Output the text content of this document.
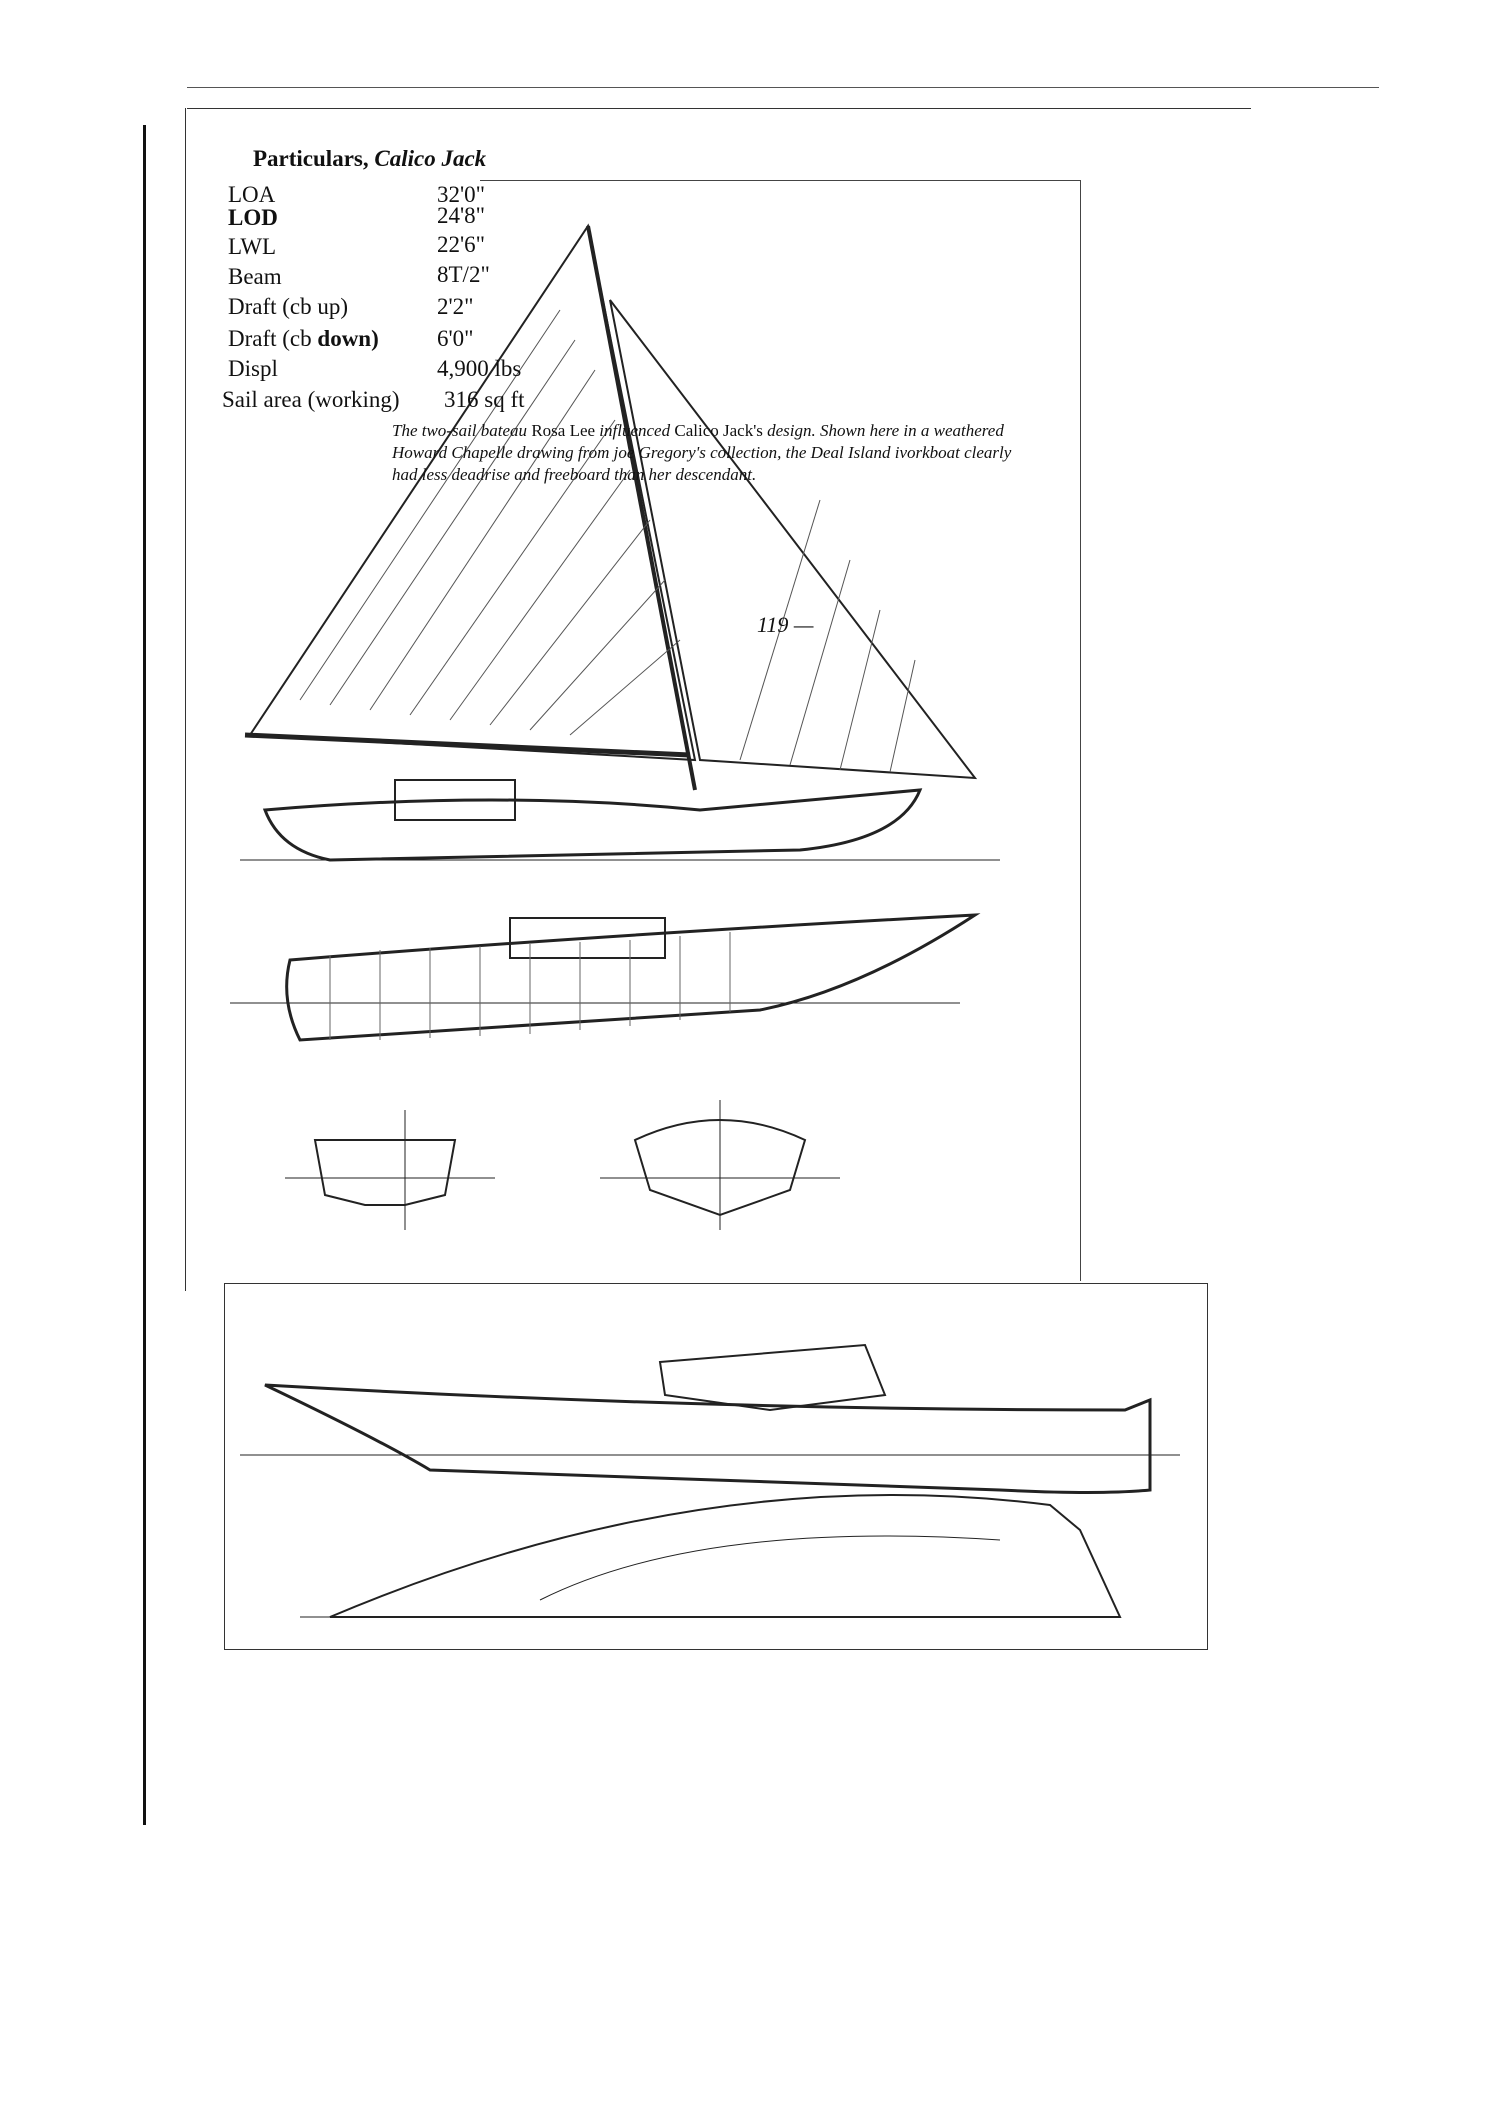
Particulars, Calico Jack
LOA	32'0"
LOD	24'8"
LWL	22'6"
Beam	8T/2"
Draft (cb up)	2'2"
Draft (cb down)	6'0"
Displ	4,900 lbs
Sail area (working) 316 sq ft
The two-sail bateau Rosa Lee influenced Calico Jack's design. Shown here in a weathered Howard Chapelle drawing from joe Gregory's collection, the Deal Island ivorkboat clearly had less deadrise and freeboard than her descendant.
119 —
